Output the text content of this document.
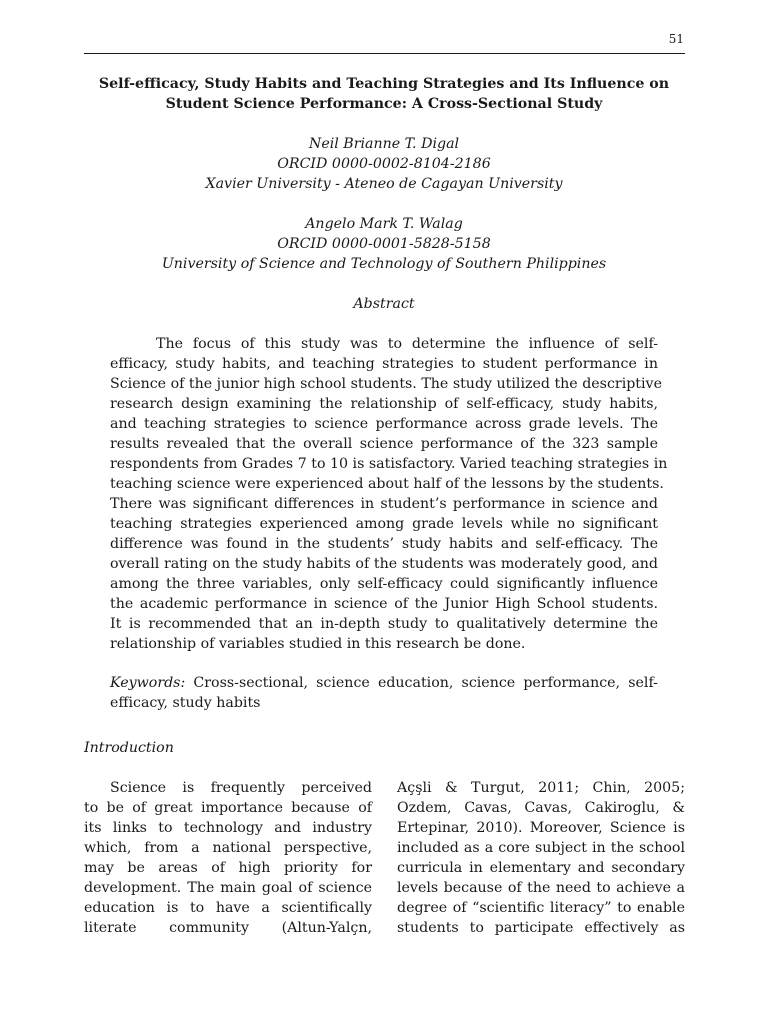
51
Self-efficacy, Study Habits and Teaching Strategies and Its Influence on
Student Science Performance: A Cross-Sectional Study
Neil Brianne T. Digal
ORCID 0000-0002-8104-2186
Xavier University - Ateneo de Cagayan University
Angelo Mark T. Walag
ORCID 0000-0001-5828-5158
University of Science and Technology of Southern Philippines
Abstract
The focus of this study was to determine the influence of self-
efficacy, study habits, and teaching strategies to student performance in
Science of the junior high school students. The study utilized the descriptive
research design examining the relationship of self-efficacy, study habits,
and teaching strategies to science performance across grade levels. The
results revealed that the overall science performance of the 323 sample
respondents from Grades 7 to 10 is satisfactory. Varied teaching strategies in
teaching science were experienced about half of the lessons by the students.
There was significant differences in student’s performance in science and
teaching strategies experienced among grade levels while no significant
difference was found in the students’ study habits and self-efficacy. The
overall rating on the study habits of the students was moderately good, and
among the three variables, only self-efficacy could significantly influence
the academic performance in science of the Junior High School students.
It is recommended that an in-depth study to qualitatively determine the
relationship of variables studied in this research be done.
Keywords: Cross-sectional, science education, science performance, self-
efficacy, study habits
Introduction
Science is frequently perceived
to be of great importance because of
its links to technology and industry
which, from a national perspective,
may be areas of high priority for
development. The main goal of science
education is to have a scientifically
literate community (Altun-Yalçn,
Açşli & Turgut, 2011; Chin, 2005;
Ozdem, Cavas, Cavas, Cakiroglu, &
Ertepinar, 2010). Moreover, Science is
included as a core subject in the school
curricula in elementary and secondary
levels because of the need to achieve a
degree of “scientific literacy” to enable
students to participate effectively as
